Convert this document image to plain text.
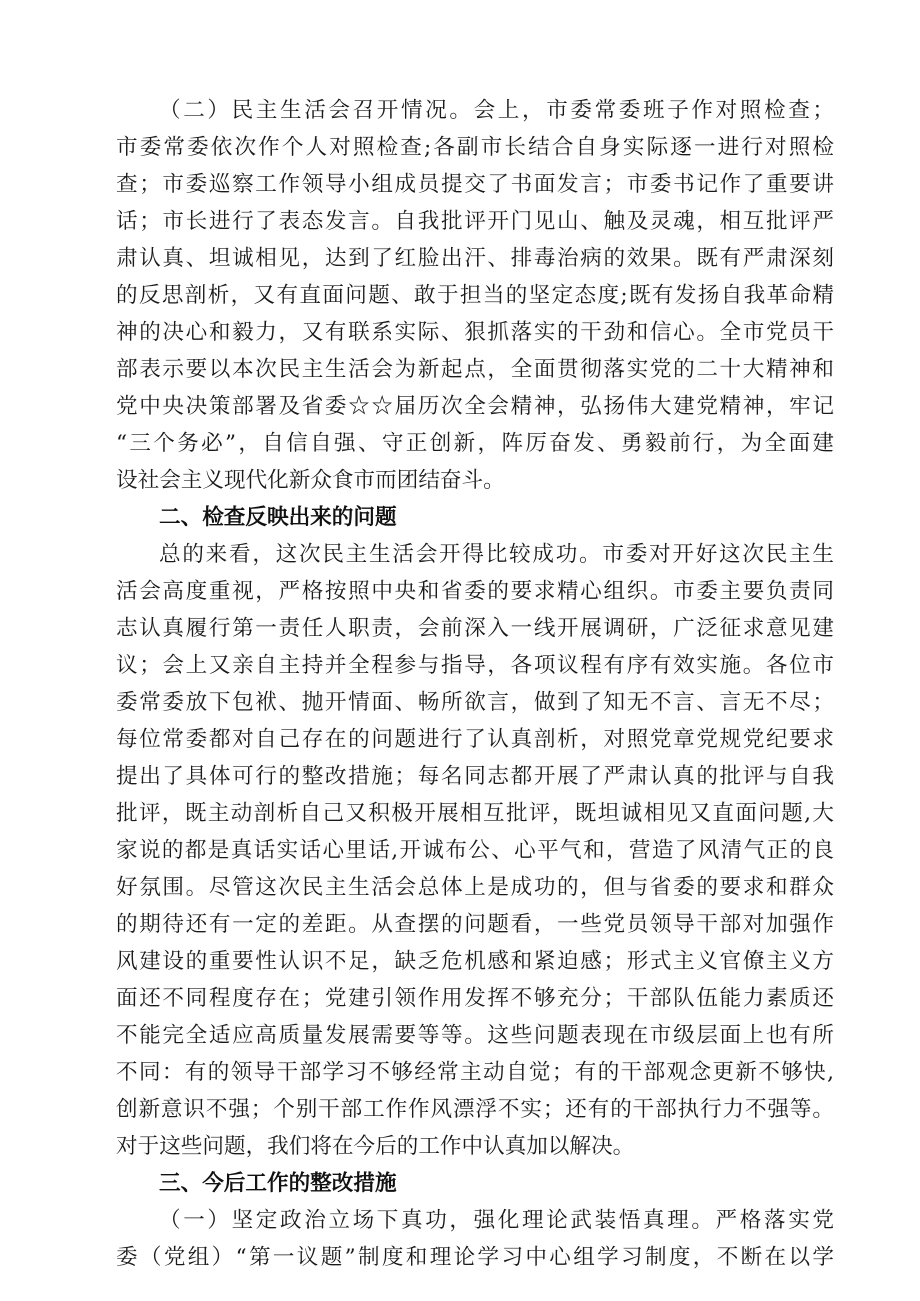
（二）民主生活会召开情况。会上，市委常委班子作对照检查；
市委常委依次作个人对照检查;各副市长结合自身实际逐一进行对照检
查；市委巡察工作领导小组成员提交了书面发言；市委书记作了重要讲
话；市长进行了表态发言。自我批评开门见山、触及灵魂，相互批评严
肃认真、坦诚相见，达到了红脸出汗、排毒治病的效果。既有严肃深刻
的反思剖析，又有直面问题、敢于担当的坚定态度;既有发扬自我革命精
神的决心和毅力，又有联系实际、狠抓落实的干劲和信心。全市党员干
部表示要以本次民主生活会为新起点，全面贯彻落实党的二十大精神和
党中央决策部署及省委☆☆届历次全会精神，弘扬伟大建党精神，牢记
“三个务必”，自信自强、守正创新，阵厉奋发、勇毅前行，为全面建
设社会主义现代化新众食市而团结奋斗。
二、检查反映出来的问题
总的来看，这次民主生活会开得比较成功。市委对开好这次民主生
活会高度重视，严格按照中央和省委的要求精心组织。市委主要负责同
志认真履行第一责任人职责，会前深入一线开展调研，广泛征求意见建
议；会上又亲自主持并全程参与指导，各项议程有序有效实施。各位市
委常委放下包袱、抛开情面、畅所欲言，做到了知无不言、言无不尽；
每位常委都对自己存在的问题进行了认真剖析，对照党章党规党纪要求
提出了具体可行的整改措施；每名同志都开展了严肃认真的批评与自我
批评，既主动剖析自己又积极开展相互批评，既坦诚相见又直面问题,大
家说的都是真话实话心里话,开诚布公、心平气和，营造了风清气正的良
好氛围。尽管这次民主生活会总体上是成功的，但与省委的要求和群众
的期待还有一定的差距。从查摆的问题看，一些党员领导干部对加强作
风建设的重要性认识不足，缺乏危机感和紧迫感；形式主义官僚主义方
面还不同程度存在；党建引领作用发挥不够充分；干部队伍能力素质还
不能完全适应高质量发展需要等等。这些问题表现在市级层面上也有所
不同：有的领导干部学习不够经常主动自觉；有的干部观念更新不够快,
创新意识不强；个别干部工作作风漂浮不实；还有的干部执行力不强等。
对于这些问题，我们将在今后的工作中认真加以解决。
三、今后工作的整改措施
（一）坚定政治立场下真功，强化理论武装悟真理。严格落实党
委（党组）“第一议题”制度和理论学习中心组学习制度，不断在以学
